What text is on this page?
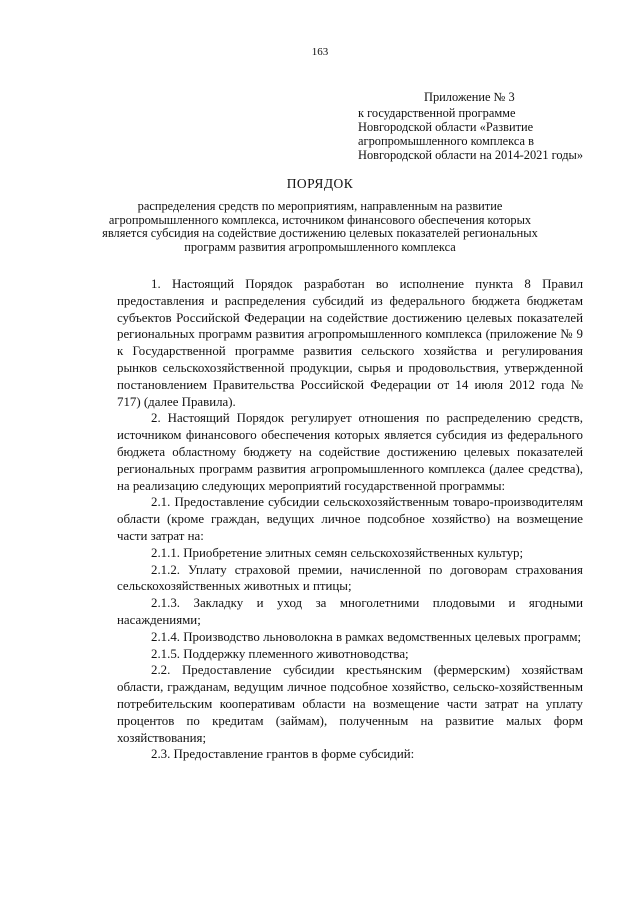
163
Приложение № 3
к государственной программе Новгородской области «Развитие агропромышленного комплекса в Новгородской области на 2014-2021 годы»
ПОРЯДОК
распределения средств по мероприятиям, направленным на развитие агропромышленного комплекса, источником финансового обеспечения которых является субсидия на содействие достижению целевых показателей региональных программ развития агропромышленного комплекса

1. Настоящий Порядок разработан во исполнение пункта 8 Правил предоставления и распределения субсидий из федерального бюджета бюджетам субъектов Российской Федерации на содействие достижению целевых показателей региональных программ развития агропромышленного комплекса (приложение № 9 к Государственной программе развития сельского хозяйства и регулирования рынков сельскохозяйственной продукции, сырья и продовольствия, утвержденной постановлением Правительства Российской Федерации от 14 июля 2012 года № 717) (далее Правила).

2. Настоящий Порядок регулирует отношения по распределению средств, источником финансового обеспечения которых является субсидия из федерального бюджета областному бюджету на содействие достижению целевых показателей региональных программ развития агропромышленного комплекса (далее средства), на реализацию следующих мероприятий государственной программы:

2.1. Предоставление субсидии сельскохозяйственным товаро-производителям области (кроме граждан, ведущих личное подсобное хозяйство) на возмещение части затрат на:

2.1.1. Приобретение элитных семян сельскохозяйственных культур;

2.1.2. Уплату страховой премии, начисленной по договорам страхования сельскохозяйственных животных и птицы;

2.1.3. Закладку и уход за многолетними плодовыми и ягодными насаждениями;

2.1.4. Производство льноволокна в рамках ведомственных целевых программ;

2.1.5. Поддержку племенного животноводства;

2.2. Предоставление субсидии крестьянским (фермерским) хозяйствам области, гражданам, ведущим личное подсобное хозяйство, сельско-хозяйственным потребительским кооперативам области на возмещение части затрат на уплату процентов по кредитам (займам), полученным на развитие малых форм хозяйствования;

2.3. Предоставление грантов в форме субсидий:
